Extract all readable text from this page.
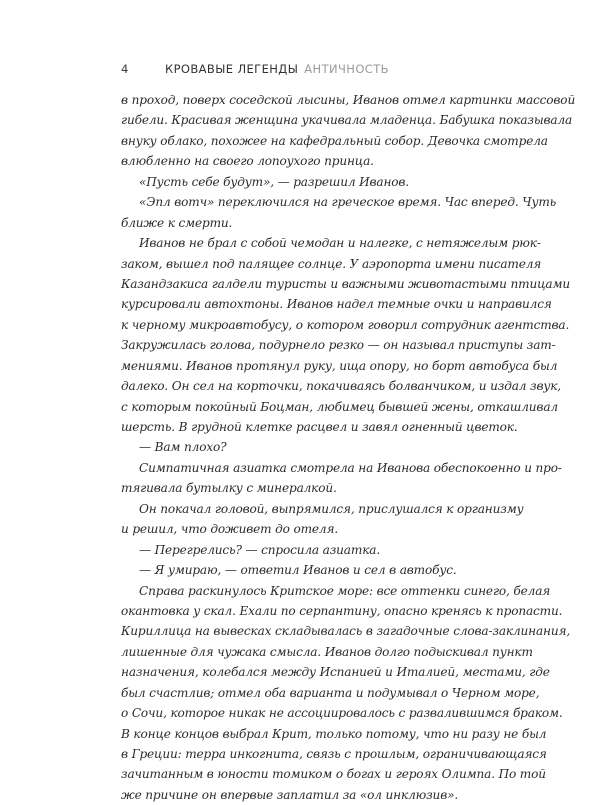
4	КРОВАВЫЕ ЛЕГЕНДЫ АНТИЧНОСТЬ
в проход, поверх соседской лысины, Иванов отмел картинки массовой
гибели. Красивая женщина укачивала младенца. Бабушка показывала
внуку облако, похожее на кафедральный собор. Девочка смотрела
влюбленно на своего лопоухого принца.
«Пусть себе будут», — разрешил Иванов.
«Эпл вотч» переключился на греческое время. Час вперед. Чуть
ближе к смерти.
Иванов не брал с собой чемодан и налегке, с нетяжелым рюк-
заком, вышел под палящее солнце. У аэропорта имени писателя
Казандзакиса галдели туристы и важными животастыми птицами
курсировали автохтоны. Иванов надел темные очки и направился
к черному микроавтобусу, о котором говорил сотрудник агентства.
Закружилась голова, подурнело резко — он называл приступы зат-
мениями. Иванов протянул руку, ища опору, но борт автобуса был
далеко. Он сел на корточки, покачиваясь болванчиком, и издал звук,
с которым покойный Боцман, любимец бывшей жены, откашливал
шерсть. В грудной клетке расцвел и завял огненный цветок.
— Вам плохо?
Симпатичная азиатка смотрела на Иванова обеспокоенно и про-
тягивала бутылку с минералкой.
Он покачал головой, выпрямился, прислушался к организму
и решил, что доживет до отеля.
— Перегрелись? — спросила азиатка.
— Я умираю, — ответил Иванов и сел в автобус.
Справа раскинулось Критское море: все оттенки синего, белая
окантовка у скал. Ехали по серпантину, опасно кренясь к пропасти.
Кириллица на вывесках складывалась в загадочные слова-заклинания,
лишенные для чужака смысла. Иванов долго подыскивал пункт
назначения, колебался между Испанией и Италией, местами, где
был счастлив; отмел оба варианта и подумывал о Черном море,
о Сочи, которое никак не ассоциировалось с развалившимся браком.
В конце концов выбрал Крит, только потому, что ни разу не был
в Греции: терра инкогнита, связь с прошлым, ограничивающаяся
зачитанным в юности томиком о богах и героях Олимпа. По той
же причине он впервые заплатил за «ол инклюзив».
